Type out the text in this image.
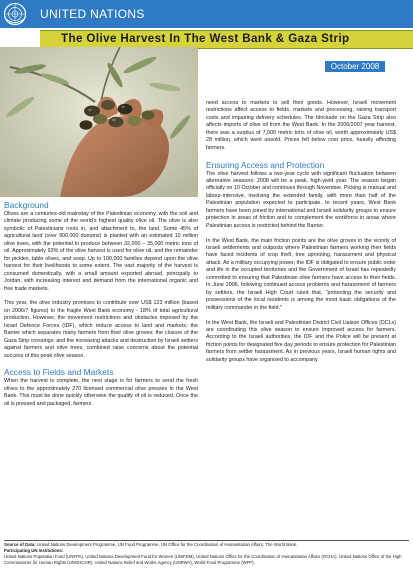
UNITED NATIONS
The Olive Harvest In The West Bank & Gaza Strip
October 2008
Background

Olives are a centuries-old mainstay of the Palestinian economy, with the soil and climate producing some of the world's highest quality olive oil. The olive is also symbolic of Palestinians roots in, and attachment to, the land. Some 45% of agricultural land (over 900,000 dunums) is planted with an estimated 10 million olive trees, with the potential to produce between 32,000 – 35,000 metric tons of oil. Approximately 93% of the olive harvest is used for olive oil, and the remainder for pickles, table olives, and soap. Up to 100,000 families depend upon the olive harvest for their livelihoods to some extent. The vast majority of the harvest is consumed domestically, with a small amount exported abroad, principally to Jordan, with increasing interest and demand from the international organic and free trade markets.

This year, the olive industry promises to contribute over US$ 123 million (based on 2006/7 figures) to the fragile West Bank economy - 18% of total agricultural production. However, the movement restrictions and obstacles imposed by the Israel Defence Forces (IDF), which reduce access to land and markets; the Barrier which separates many farmers from their olive groves; the closure of the Gaza Strip crossings; and the increasing attacks and destruction by Israeli settlers against farmers and olive trees, combined raise concerns about the potential success of this peak olive season.

Access to Fields and Markets

When the harvest is complete, the next stage is for farmers to send the fresh olives to the approximately 270 licensed commercial olive presses in the West Bank. This must be done quickly otherwise the quality of oil is reduced. Once the oil is pressed and packaged, farmers

need access to markets to sell their goods. However, Israeli movement restrictions affect access to fields, markets and processing, raising transport costs and impairing delivery schedules. The blockade on the Gaza Strip also affects imports of olive oil from the West Bank. In the 2006/2007 year harvest, there was a surplus of 7,000 metric tons of olive oil, worth approximately US$ 28 million, which went unsold. Prices fell below cost price, heavily affecting farmers.

Ensuring Access and Protection

The olive harvest follows a two-year cycle with significant fluctuation between alternative seasons: 2008 will be a peak, high-yield year. The season began officially on 10 October and continues through November. Picking is manual and labour-intensive, involving the extended family, with more than half of the Palestinian population expected to participate. In recent years, West Bank farmers have been joined by international and Israeli solidarity groups to ensure protection in areas of friction and to complement the workforce in areas where Palestinian access is restricted behind the Barrier.

In the West Bank, the main friction points are the olive groves in the vicinity of Israeli settlements and outposts where Palestinian farmers working their fields have faced incidents of crop theft, tree uprooting, harassment and physical attack. As a military occupying power, the IDF is obligated to ensure public order and life in the occupied territories and the Government of Israel has repeatedly committed to ensuring that Palestinian olive farmers have access to their fields. In June 2006, following continued access problems and harassment of farmers by settlers, the Israeli High Court ruled that, "protecting the security and possessions of the local residents is among the most basic obligations of the military commander in the field."

In the West Bank, the Israeli and Palestinian District Civil Liaison Offices (DCLs) are coordinating this olive season to ensure improved access for farmers. According to the Israeli authorities, the IDF and the Police will be present at friction points for designated five day periods to ensure protection for Palestinian farmers from settler harassment. As in previous years, Israeli human rights and solidarity groups have organised to accompany

Source of Data: United Nations Development Programme, UN Food Programme, UN Office for the Coordination of Humanitarian Affairs, The World Bank.
Participating UN Institutions:
United Nations Population Fund (UNFPA), United Nations Development Fund for Women (UNIFEM), United Nations Office for the Coordination of Humanitarian Affairs (OCHA), United Nations Office of the High Commissioner for Human Rights (UNOHCHR), United Nations Relief and Works Agency (UNRWA), World Food Programme (WFP).
